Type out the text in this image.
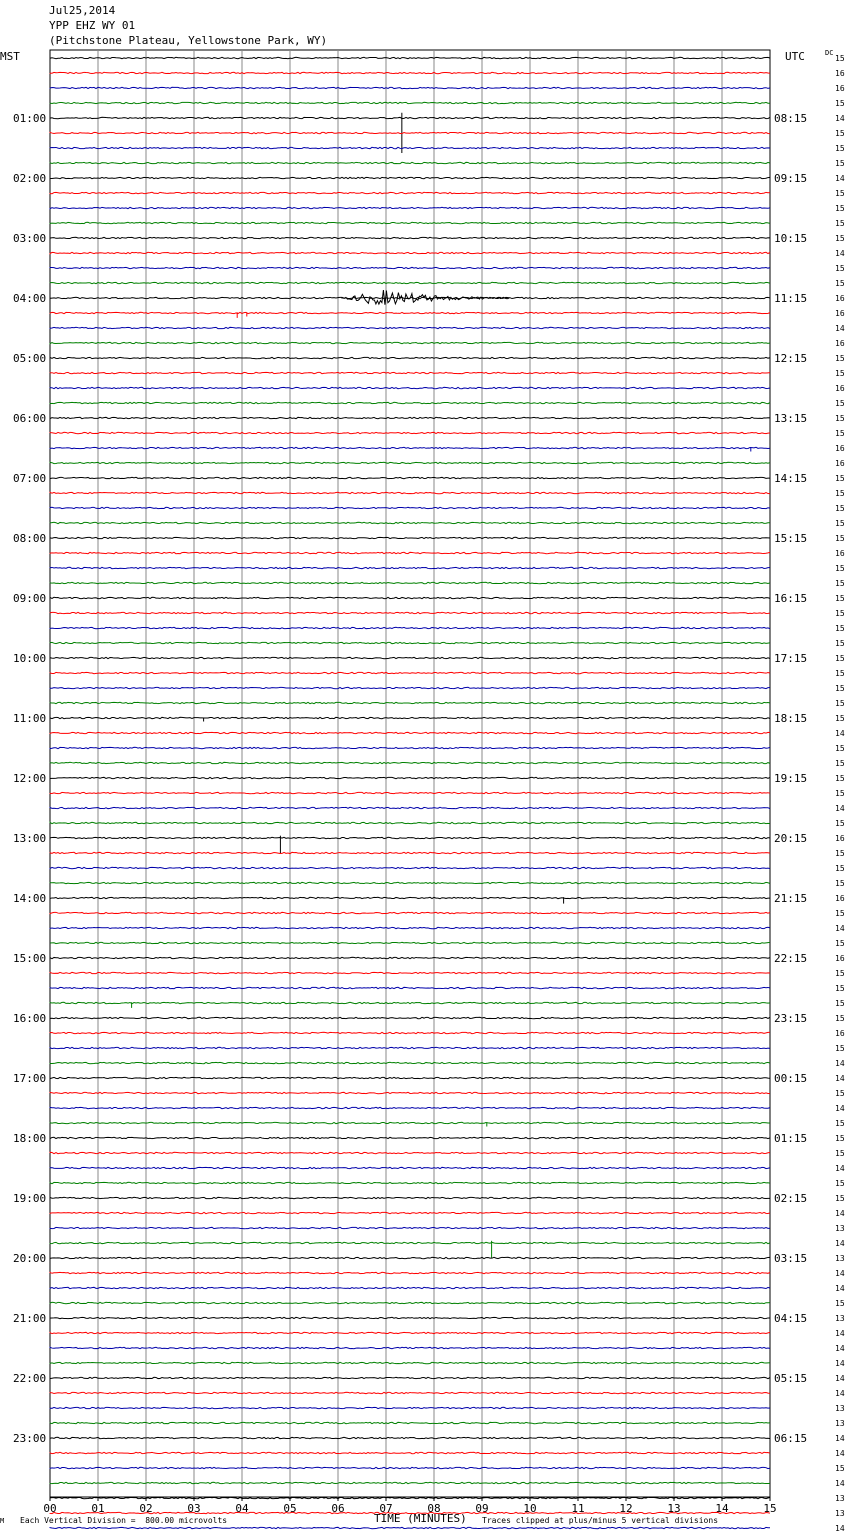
01:00	08:15
02:00	09:15
03:00	10:15
04:00	11:15
05:00	12:15
06:00	13:15
07:00	14:15
08:00	15:15
09:00	16:15
10:00	17:15
11:00	18:15
12:00	19:15
13:00	20:15
14:00	21:15
15:00	22:15
16:00	23:15
17:00	00:15
18:00	01:15
19:00	02:15
20:00	03:15
21:00	04:15
22:00	05:15
23:00	06:15
15
16
16
15
14
15
15
15
14
15
15
15
15
14
15
15
16
16
14
16
15
15
16
15
15
15
16
16
15
15
15
15
15
16
15
15
15
15
15
15
15
15
15
15
15
14
15
15
15
15
14
15
16
15
15
15
16
15
14
15
16
15
15
15
15
16
15
14
14
15
14
15
15
15
14
15
15
14
13
14
13
14
14
15
13
14
14
14
14
14
13
13
14
14
15
14
13
13
14
00	01	02	03	04	05	06	07	08	09	10	11	12	13	14	15
Jul25,2014
YPP EHZ WY 01
(Pitchstone Plateau, Yellowstone Park, WY)
MST	UTC	DC
M Each Vertical Division =  800.00 microvolts	TIME (MINUTES) Traces clipped at plus/minus 5 vertical divisions
